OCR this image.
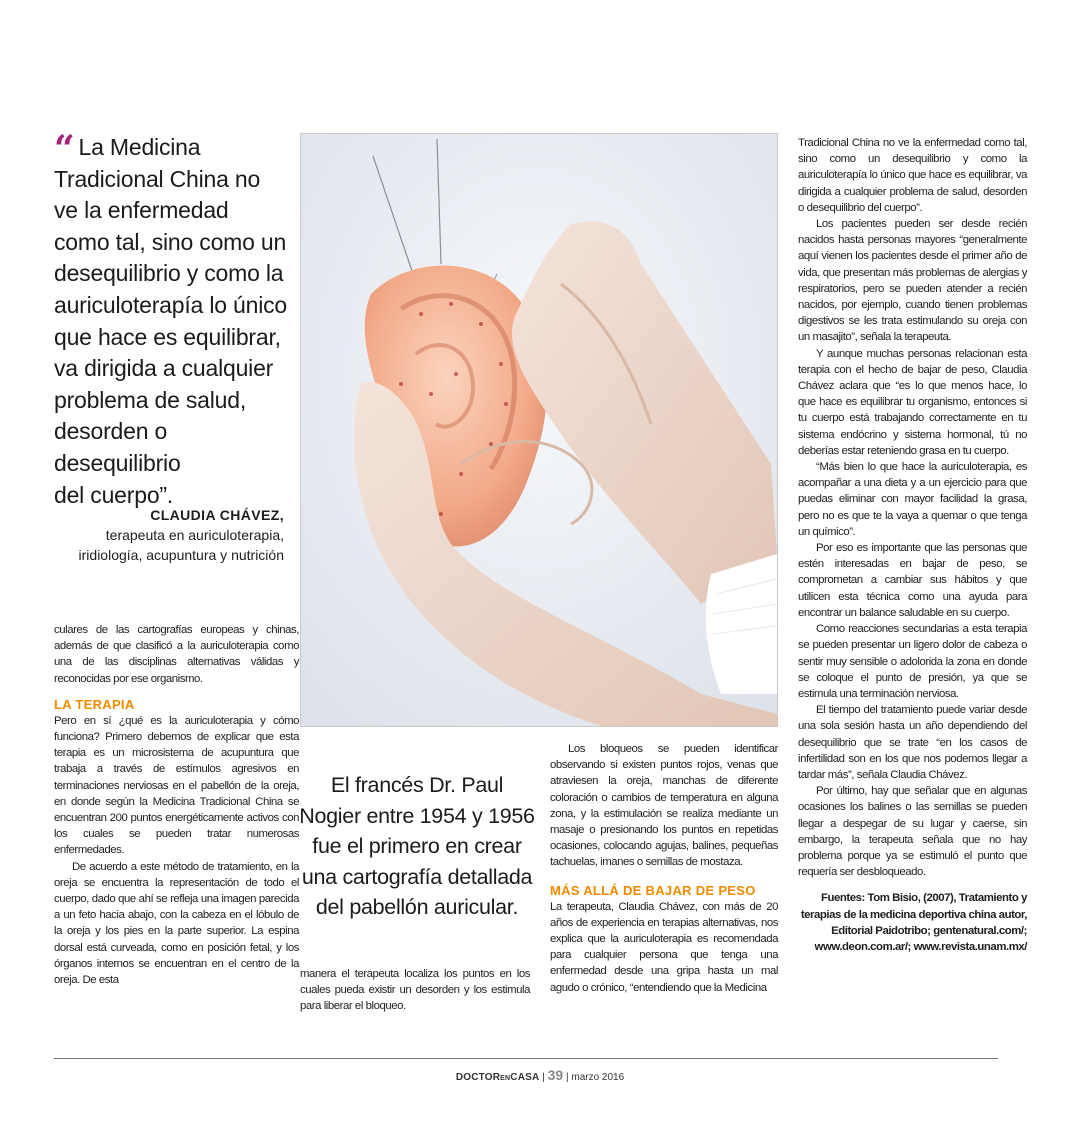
“ La Medicina
Tradicional China no
ve la enfermedad
como tal, sino como un
desequilibrio y como la
auriculoterapía lo único
que hace es equilibrar,
va dirigida a cualquier
problema de salud,
desorden o desequilibrio
del cuerpo”.
CLAUDIA CHÁVEZ,
terapeuta en auriculoterapia,
iridiología, acupuntura y nutrición

culares de las cartografías europeas y chinas, además de que clasificó a la auriculoterapia como una de las disciplinas alternativas válidas y reconocidas por ese organismo.

LA TERAPIA

Pero en sí ¿qué es la auriculoterapia y cómo funciona? Primero debemos de explicar que esta terapia es un microsistema de acupuntura que trabaja a través de estímulos agresivos en terminaciones nerviosas en el pabellón de la oreja, en donde según la Medicina Tradicional China se encuentran 200 puntos energéticamente activos con los cuales se pueden tratar numerosas enfermedades.

De acuerdo a este método de tratamiento, en la oreja se encuentra la representación de todo el cuerpo, dado que ahí se refleja una imagen parecida a un feto hacia abajo, con la cabeza en el lóbulo de la oreja y los pies en la parte superior. La espina dorsal está curveada, como en posición fetal, y los órganos internos se encuentran en el centro de la oreja. De esta

El francés Dr. Paul
Nogier entre 1954 y 1956
fue el primero en crear
una cartografía detallada
del pabellón auricular.

manera el terapeuta localiza los puntos en los cuales pueda existir un desorden y los estimula para liberar el bloqueo.

Los bloqueos se pueden identificar observando si existen puntos rojos, venas que atraviesen la oreja, manchas de diferente coloración o cambios de temperatura en alguna zona, y la estimulación se realiza mediante un masaje o presionando los puntos en repetidas ocasiones, colocando agujas, balines, pequeñas tachuelas, imanes o semillas de mostaza.

MÁS ALLÁ DE BAJAR DE PESO

La terapeuta, Claudia Chávez, con más de 20 años de experiencia en terapias alternativas, nos explica que la auriculoterapia es recomendada para cualquier persona que tenga una enfermedad desde una gripa hasta un mal agudo o crónico, “entendiendo que la Medicina

Tradicional China no ve la enfermedad como tal, sino como un desequilibrio y como la auriculoterapía lo único que hace es equilibrar, va dirigida a cualquier problema de salud, desorden o desequilibrio del cuerpo”.

Los pacientes pueden ser desde recién nacidos hasta personas mayores “generalmente aquí vienen los pacientes desde el primer año de vida, que presentan más problemas de alergias y respiratorios, pero se pueden atender a recién nacidos, por ejemplo, cuando tienen problemas digestivos se les trata estimulando su oreja con un masajito”, señala la terapeuta.

Y aunque muchas personas relacionan esta terapia con el hecho de bajar de peso, Claudia Chávez aclara que “es lo que menos hace, lo que hace es equilibrar tu organismo, entonces si tu cuerpo está trabajando correctamente en tu sistema endócrino y sistema hormonal, tú no deberías estar reteniendo grasa en tu cuerpo.

“Más bien lo que hace la auriculoterapia, es acompañar a una dieta y a un ejercicio para que puedas eliminar con mayor facilidad la grasa, pero no es que te la vaya a quemar o que tenga un químico”.

Por eso es importante que las personas que estén interesadas en bajar de peso, se comprometan a cambiar sus hábitos y que utilicen esta técnica como una ayuda para encontrar un balance saludable en su cuerpo.

Como reacciones secundarias a esta terapia se pueden presentar un ligero dolor de cabeza o sentir muy sensible o adolorida la zona en donde se coloque el punto de presión, ya que se estimula una terminación nerviosa.

El tiempo del tratamiento puede variar desde una sola sesión hasta un año dependiendo del desequilibrio que se trate “en los casos de infertilidad son en los que nos podemos llegar a tardar más”, señala Claudia Chávez.

Por último, hay que señalar que en algunas ocasiones los balines o las semillas se pueden llegar a despegar de su lugar y caerse, sin embargo, la terapeuta señala que no hay problema porque ya se estimuló el punto que requería ser desbloqueado.

Fuentes: Tom Bisio, (2007), Tratamiento y terapias de la medicina deportiva china autor, Editorial Paidotribo; gentenatural.com/; www.deon.com.ar/; www.revista.unam.mx/

DOCTORENCASA | 39 | marzo 2016
